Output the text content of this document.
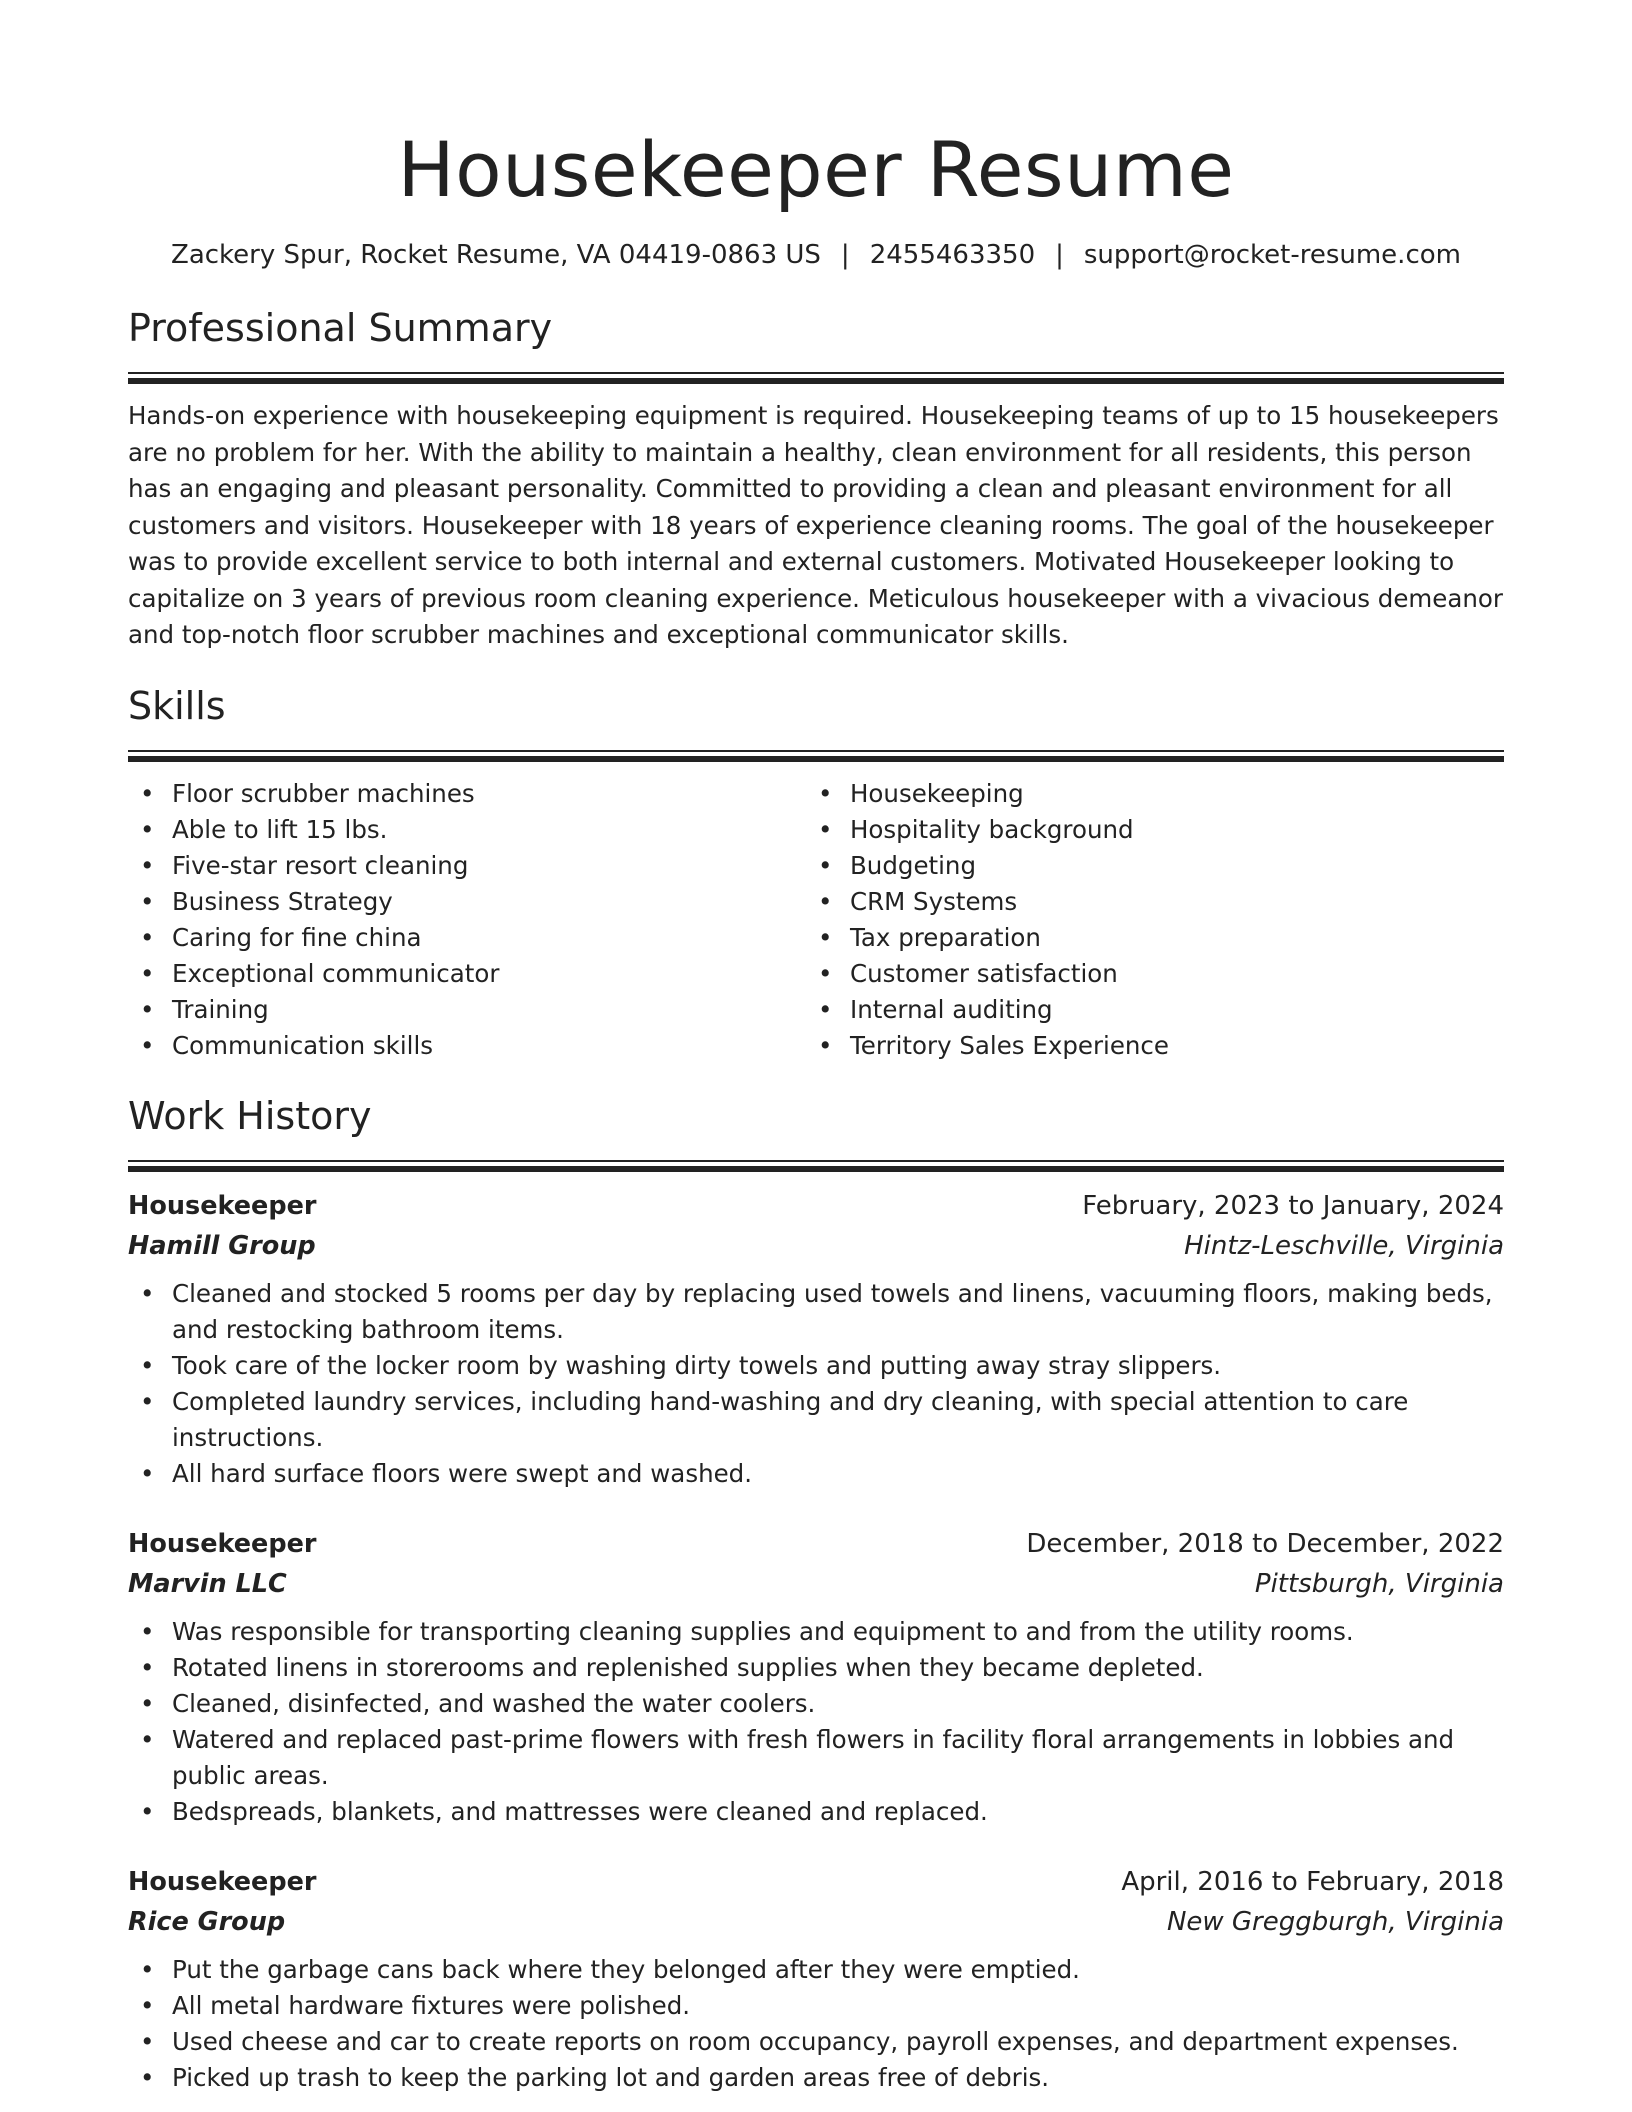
Housekeeper Resume
Zackery Spur, Rocket Resume, VA 04419-0863 US | 2455463350 | support@rocket-resume.com
Professional Summary

Hands-on experience with housekeeping equipment is required. Housekeeping teams of up to 15 housekeepers are no problem for her. With the ability to maintain a healthy, clean environment for all residents, this person has an engaging and pleasant personality. Committed to providing a clean and pleasant environment for all customers and visitors. Housekeeper with 18 years of experience cleaning rooms. The goal of the housekeeper was to provide excellent service to both internal and external customers. Motivated Housekeeper looking to capitalize on 3 years of previous room cleaning experience. Meticulous housekeeper with a vivacious demeanor and top-notch floor scrubber machines and exceptional communicator skills.

Skills
• Floor scrubber machines
• Able to lift 15 lbs.
• Five-star resort cleaning
• Business Strategy
• Caring for fine china
• Exceptional communicator
• Training
• Communication skills
• Housekeeping
• Hospitality background
• Budgeting
• CRM Systems
• Tax preparation
• Customer satisfaction
• Internal auditing
• Territory Sales Experience
Work History
Housekeeper	February, 2023 to January, 2024
Hamill Group	Hintz-Leschville, Virginia
• Cleaned and stocked 5 rooms per day by replacing used towels and linens, vacuuming floors, making beds, and restocking bathroom items.
• Took care of the locker room by washing dirty towels and putting away stray slippers.
• Completed laundry services, including hand-washing and dry cleaning, with special attention to care instructions.
• All hard surface floors were swept and washed.
Housekeeper	December, 2018 to December, 2022
Marvin LLC	Pittsburgh, Virginia
• Was responsible for transporting cleaning supplies and equipment to and from the utility rooms.
• Rotated linens in storerooms and replenished supplies when they became depleted.
• Cleaned, disinfected, and washed the water coolers.
• Watered and replaced past-prime flowers with fresh flowers in facility floral arrangements in lobbies and public areas.
• Bedspreads, blankets, and mattresses were cleaned and replaced.
Housekeeper	April, 2016 to February, 2018
Rice Group	New Greggburgh, Virginia
• Put the garbage cans back where they belonged after they were emptied.
• All metal hardware fixtures were polished.
• Used cheese and car to create reports on room occupancy, payroll expenses, and department expenses.
• Picked up trash to keep the parking lot and garden areas free of debris.
